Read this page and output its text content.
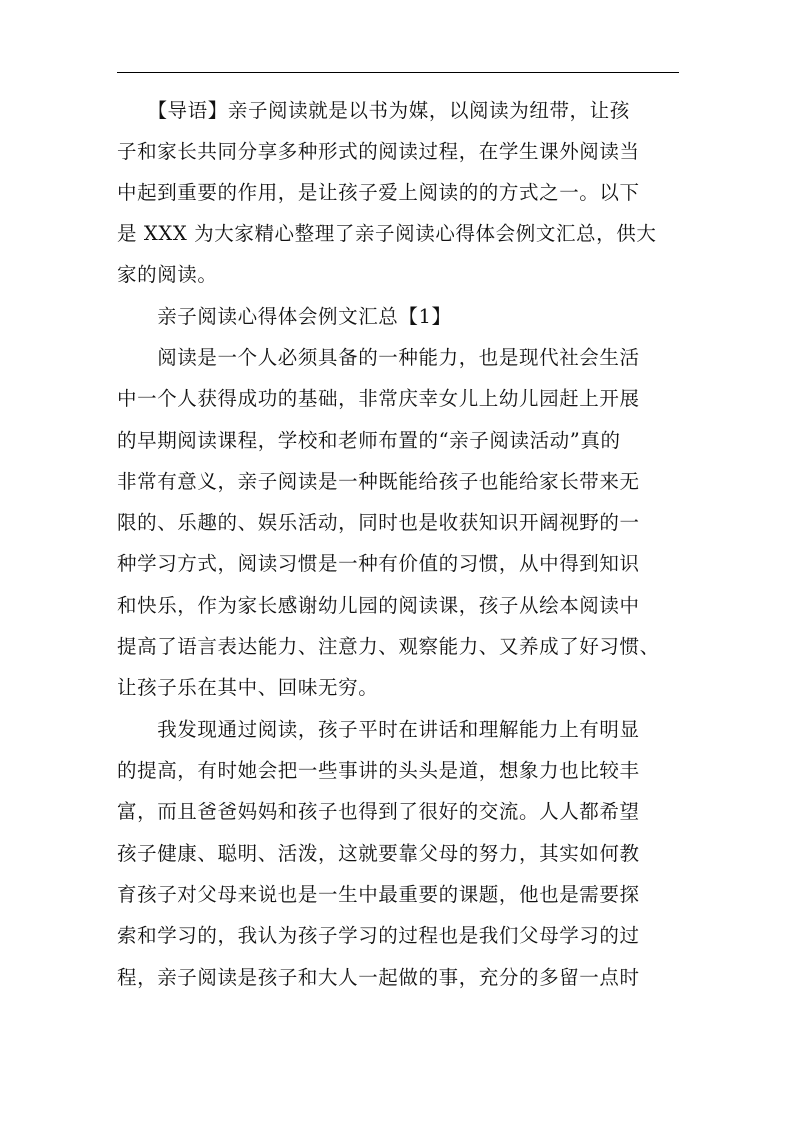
　　【导语】亲子阅读就是以书为媒，以阅读为纽带，让孩

子和家长共同分享多种形式的阅读过程，在学生课外阅读当

中起到重要的作用，是让孩子爱上阅读的的方式之一。以下

是 XXX 为大家精心整理了亲子阅读心得体会例文汇总，供大

家的阅读。

　　亲子阅读心得体会例文汇总【1】

　　阅读是一个人必须具备的一种能力，也是现代社会生活

中一个人获得成功的基础，非常庆幸女儿上幼儿园赶上开展

的早期阅读课程，学校和老师布置的“亲子阅读活动”真的

非常有意义，亲子阅读是一种既能给孩子也能给家长带来无

限的、乐趣的、娱乐活动，同时也是收获知识开阔视野的一

种学习方式，阅读习惯是一种有价值的习惯，从中得到知识

和快乐，作为家长感谢幼儿园的阅读课，孩子从绘本阅读中

提高了语言表达能力、注意力、观察能力、又养成了好习惯、

让孩子乐在其中、回味无穷。

　　我发现通过阅读，孩子平时在讲话和理解能力上有明显

的提高，有时她会把一些事讲的头头是道，想象力也比较丰

富，而且爸爸妈妈和孩子也得到了很好的交流。人人都希望

孩子健康、聪明、活泼，这就要靠父母的努力，其实如何教

育孩子对父母来说也是一生中最重要的课题，他也是需要探

索和学习的，我认为孩子学习的过程也是我们父母学习的过

程，亲子阅读是孩子和大人一起做的事，充分的多留一点时
